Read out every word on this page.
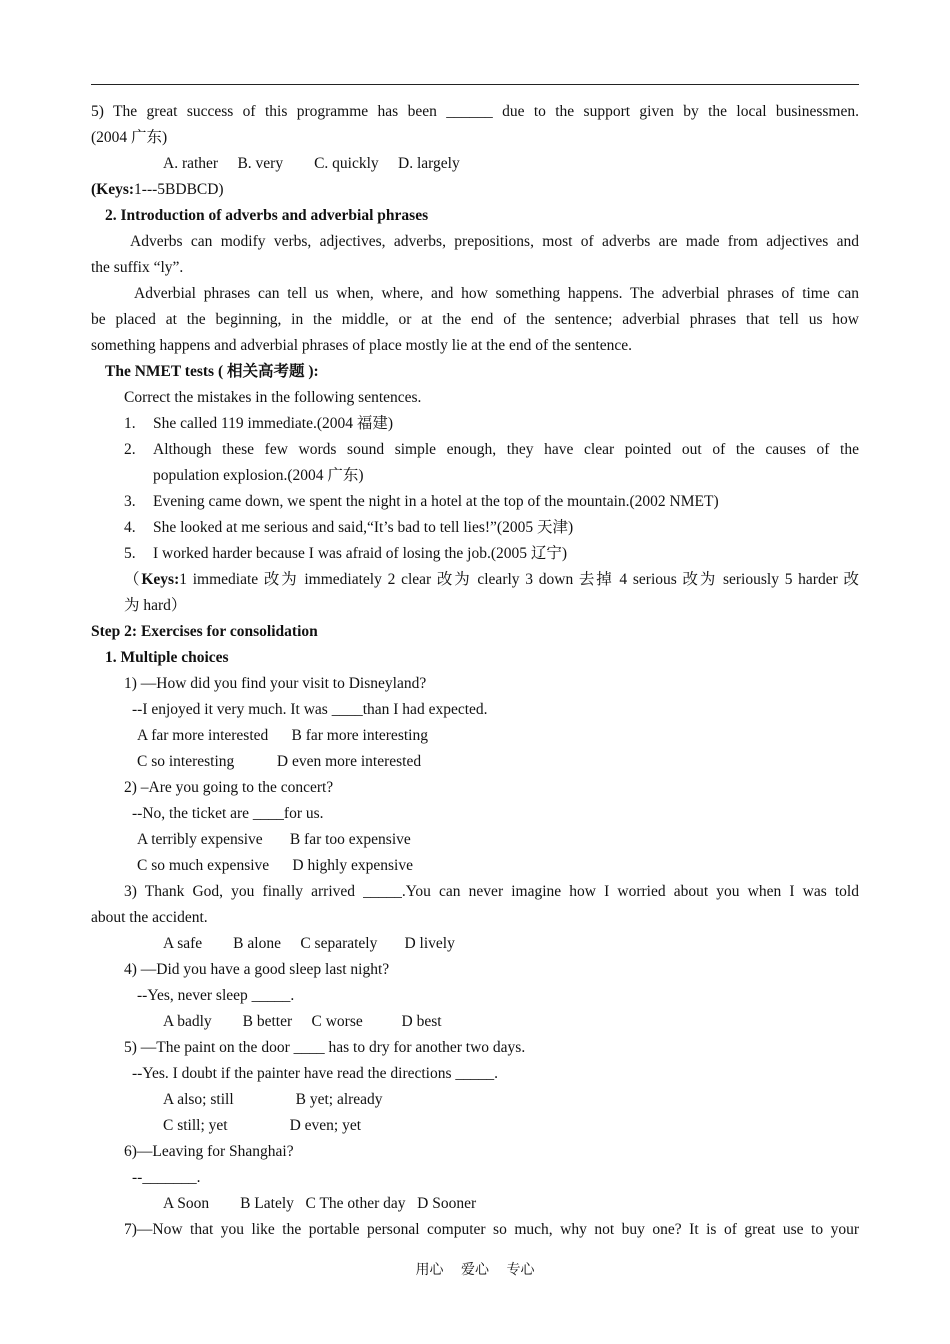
5) The great success of this programme has been ______ due to the support given by the local businessmen.
(2004 广东)
A. rather     B. very        C. quickly     D. largely
(Keys:1---5BDBCD)
2. Introduction of adverbs and adverbial phrases
Adverbs can modify verbs, adjectives, adverbs, prepositions, most of adverbs are made from adjectives and
the suffix “ly”.
Adverbial phrases can tell us when, where, and how something happens. The adverbial phrases of time can
be placed at the beginning, in the middle, or at the end of the sentence; adverbial phrases that tell us how
something happens and adverbial phrases of place mostly lie at the end of the sentence.
The NMET tests ( 相关高考题 ):
Correct the mistakes in the following sentences.
1. She called 119 immediate.(2004 福建)
2. Although these few words sound simple enough, they have clear pointed out of the causes of the
population explosion.(2004 广东)
3. Evening came down, we spent the night in a hotel at the top of the mountain.(2002 NMET)
4. She looked at me serious and said,“It’s bad to tell lies!”(2005 天津)
5. I worked harder because I was afraid of losing the job.(2005 辽宁)
（Keys:1 immediate 改为 immediately 2 clear 改为 clearly 3 down 去掉 4 serious 改为 seriously 5 harder 改
为 hard）
Step 2: Exercises for consolidation
1. Multiple choices
1) —How did you find your visit to Disneyland?
--I enjoyed it very much. It was ____than I had expected.
A far more interested      B far more interesting
C so interesting           D even more interested
2) –Are you going to the concert?
--No, the ticket are ____for us.
A terribly expensive       B far too expensive
C so much expensive      D highly expensive
3) Thank God, you finally arrived _____.You can never imagine how I worried about you when I was told
about the accident.
A safe        B alone     C separately       D lively
4) —Did you have a good sleep last night?
--Yes, never sleep _____.
A badly        B better     C worse          D best
5) —The paint on the door ____ has to dry for another two days.
--Yes. I doubt if the painter have read the directions _____.
A also; still                B yet; already
C still; yet                D even; yet
6)—Leaving for Shanghai?
--_______.
A Soon        B Lately   C The other day   D Sooner
7)—Now that you like the portable personal computer so much, why not buy one? It is of great use to your
用心 爱心 专心
